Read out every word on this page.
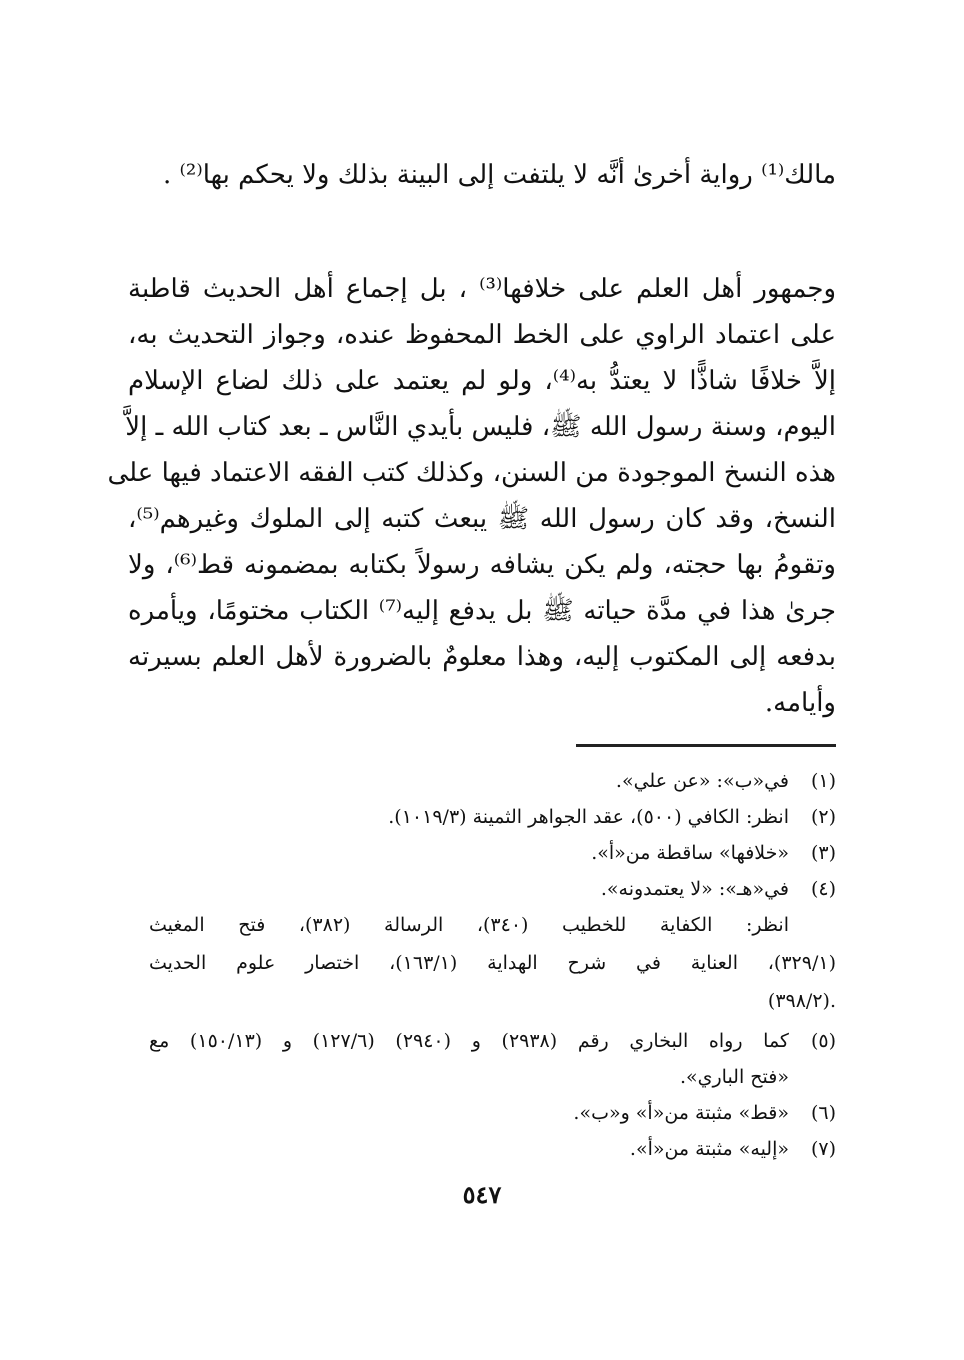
مالك⁽¹⁾ رواية أخرىٰ أنَّه لا يلتفت إلى البينة بذلك ولا يحكم بها⁽²⁾ .
وجمهور أهل العلم على خلافها⁽³⁾ ، بل إجماع أهل الحديث قاطبة
على اعتماد الراوي على الخط المحفوظ عنده، وجواز التحديث به،
إلاَّ خلافًا شاذًّا لا يعتدُّ به⁽⁴⁾، ولو لم يعتمد على ذلك لضاع الإسلام
اليوم، وسنة رسول الله ﷺ، فليس بأيدي النَّاس ـ بعد كتاب الله ـ إلاَّ
هذه النسخ الموجودة من السنن، وكذلك كتب الفقه الاعتماد فيها على
النسخ، وقد كان رسول الله ﷺ يبعث كتبه إلى الملوك وغيرهم⁽⁵⁾،
وتقومُ بها حجته، ولم يكن يشافه رسولاً بكتابه بمضمونه قط⁽⁶⁾، ولا
جرىٰ هذا في مدَّة حياته ﷺ بل يدفع إليه⁽⁷⁾ الكتاب مختومًا، ويأمره
بدفعه إلى المكتوب إليه، وهذا معلومٌ بالضرورة لأهل العلم بسيرته
وأيامه.
(١)
في«ب»: «عن علي».
(٢)
انظر: الكافي (٥٠٠)، عقد الجواهر الثمينة (١٠١٩/٣).
(٣)
«خلافها» ساقطة من«أ».
(٤)
في«هـ»: «لا يعتمدونه».
انظر: الكفاية للخطيب (٣٤٠)، الرسالة (٣٨٢)، فتح المغيث
(٣٢٩/١)، العناية في شرح الهداية (١٦٣/١)، اختصار علوم الحديث
(٣٩٨/٢).
(٥)
كما رواه البخاري رقم (٢٩٣٨) و (٢٩٤٠) (١٢٧/٦) و (١٥٠/١٣) مع
«فتح الباري».
(٦)
«قط» مثبتة من«أ» و«ب».
(٧)
«إليه» مثبتة من«أ».
٥٤٧
